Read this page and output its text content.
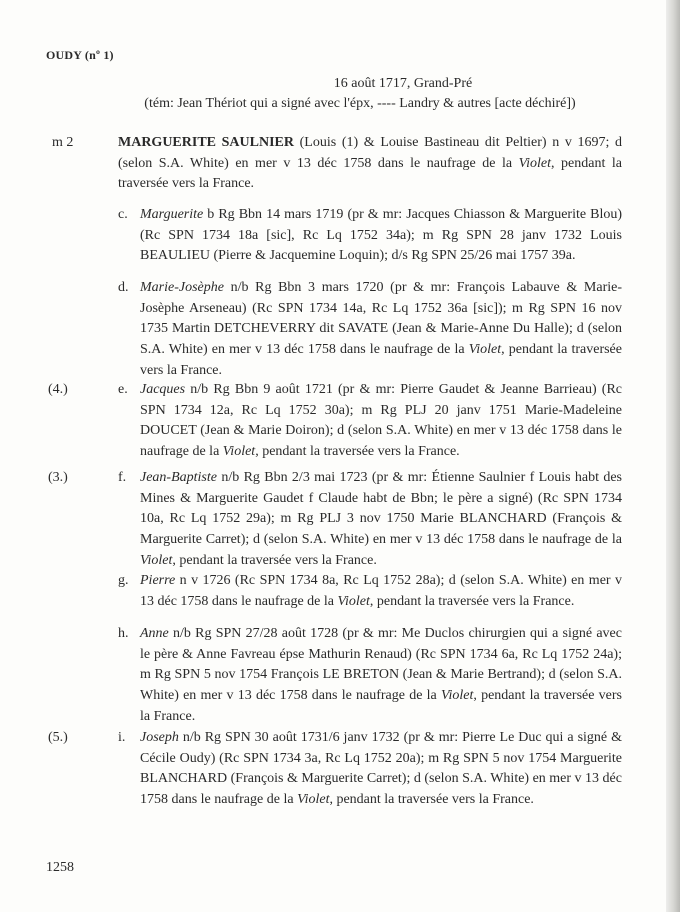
OUDY (nº 1)
16 août 1717, Grand-Pré
(tém: Jean Thériot qui a signé avec l'épx, ---- Landry & autres [acte déchiré])
m 2	MARGUERITE SAULNIER (Louis (1) & Louise Bastineau dit Peltier) n v 1697; d (selon S.A. White) en mer v 13 déc 1758 dans le naufrage de la Violet, pendant la traversée vers la France.
c. Marguerite b Rg Bbn 14 mars 1719 (pr & mr: Jacques Chiasson & Marguerite Blou) (Rc SPN 1734 18a [sic], Rc Lq 1752 34a); m Rg SPN 28 janv 1732 Louis BEAULIEU (Pierre & Jacquemine Loquin); d/s Rg SPN 25/26 mai 1757 39a.
d. Marie-Josèphe n/b Rg Bbn 3 mars 1720 (pr & mr: François Labauve & Marie-Josèphe Arseneau) (Rc SPN 1734 14a, Rc Lq 1752 36a [sic]); m Rg SPN 16 nov 1735 Martin DETCHEVERRY dit SAVATE (Jean & Marie-Anne Du Halle); d (selon S.A. White) en mer v 13 déc 1758 dans le naufrage de la Violet, pendant la traversée vers la France.
(4.)	e. Jacques n/b Rg Bbn 9 août 1721 (pr & mr: Pierre Gaudet & Jeanne Barrieau) (Rc SPN 1734 12a, Rc Lq 1752 30a); m Rg PLJ 20 janv 1751 Marie-Madeleine DOUCET (Jean & Marie Doiron); d (selon S.A. White) en mer v 13 déc 1758 dans le naufrage de la Violet, pendant la traversée vers la France.
(3.)	f. Jean-Baptiste n/b Rg Bbn 2/3 mai 1723 (pr & mr: Étienne Saulnier f Louis habt des Mines & Marguerite Gaudet f Claude habt de Bbn; le père a signé) (Rc SPN 1734 10a, Rc Lq 1752 29a); m Rg PLJ 3 nov 1750 Marie BLANCHARD (François & Marguerite Carret); d (selon S.A. White) en mer v 13 déc 1758 dans le naufrage de la Violet, pendant la traversée vers la France.
g. Pierre n v 1726 (Rc SPN 1734 8a, Rc Lq 1752 28a); d (selon S.A. White) en mer v 13 déc 1758 dans le naufrage de la Violet, pendant la traversée vers la France.
h. Anne n/b Rg SPN 27/28 août 1728 (pr & mr: Me Duclos chirurgien qui a signé avec le père & Anne Favreau épse Mathurin Renaud) (Rc SPN 1734 6a, Rc Lq 1752 24a); m Rg SPN 5 nov 1754 François LE BRETON (Jean & Marie Bertrand); d (selon S.A. White) en mer v 13 déc 1758 dans le naufrage de la Violet, pendant la traversée vers la France.
(5.)	i. Joseph n/b Rg SPN 30 août 1731/6 janv 1732 (pr & mr: Pierre Le Duc qui a signé & Cécile Oudy) (Rc SPN 1734 3a, Rc Lq 1752 20a); m Rg SPN 5 nov 1754 Marguerite BLANCHARD (François & Marguerite Carret); d (selon S.A. White) en mer v 13 déc 1758 dans le naufrage de la Violet, pendant la traversée vers la France.
1258
